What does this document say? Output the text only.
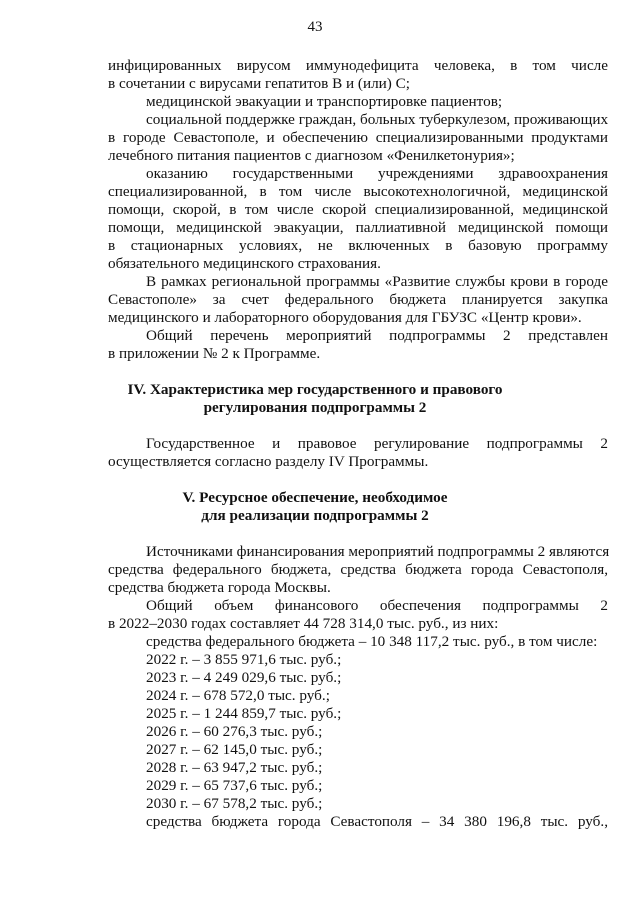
43
инфицированных вирусом иммунодефицита человека, в том числе
в сочетании с вирусами гепатитов В и (или) С;
медицинской эвакуации и транспортировке пациентов;
социальной поддержке граждан, больных туберкулезом, проживающих
в городе Севастополе, и обеспечению специализированными продуктами
лечебного питания пациентов с диагнозом «Фенилкетонурия»;
оказанию государственными учреждениями здравоохранения
специализированной, в том числе высокотехнологичной, медицинской
помощи, скорой, в том числе скорой специализированной, медицинской
помощи, медицинской эвакуации, паллиативной медицинской помощи
в стационарных условиях, не включенных в базовую программу
обязательного медицинского страхования.
В рамках региональной программы «Развитие службы крови в городе
Севастополе» за счет федерального бюджета планируется закупка
медицинского и лабораторного оборудования для ГБУЗС «Центр крови».
Общий перечень мероприятий подпрограммы 2 представлен
в приложении № 2 к Программе.
IV. Характеристика мер государственного и правового
регулирования подпрограммы 2
Государственное и правовое регулирование подпрограммы 2
осуществляется согласно разделу IV Программы.
V. Ресурсное обеспечение, необходимое
для реализации подпрограммы 2
Источниками финансирования мероприятий подпрограммы 2 являются
средства федерального бюджета, средства бюджета города Севастополя,
средства бюджета города Москвы.
Общий объем финансового обеспечения подпрограммы 2
в 2022–2030 годах составляет 44 728 314,0 тыс. руб., из них:
средства федерального бюджета – 10 348 117,2 тыс. руб., в том числе:
2022 г. – 3 855 971,6 тыс. руб.;
2023 г. – 4 249 029,6 тыс. руб.;
2024 г. – 678 572,0 тыс. руб.;
2025 г. – 1 244 859,7 тыс. руб.;
2026 г. – 60 276,3 тыс. руб.;
2027 г. – 62 145,0 тыс. руб.;
2028 г. – 63 947,2 тыс. руб.;
2029 г. – 65 737,6 тыс. руб.;
2030 г. – 67 578,2 тыс. руб.;
средства бюджета города Севастополя – 34 380 196,8 тыс. руб.,
